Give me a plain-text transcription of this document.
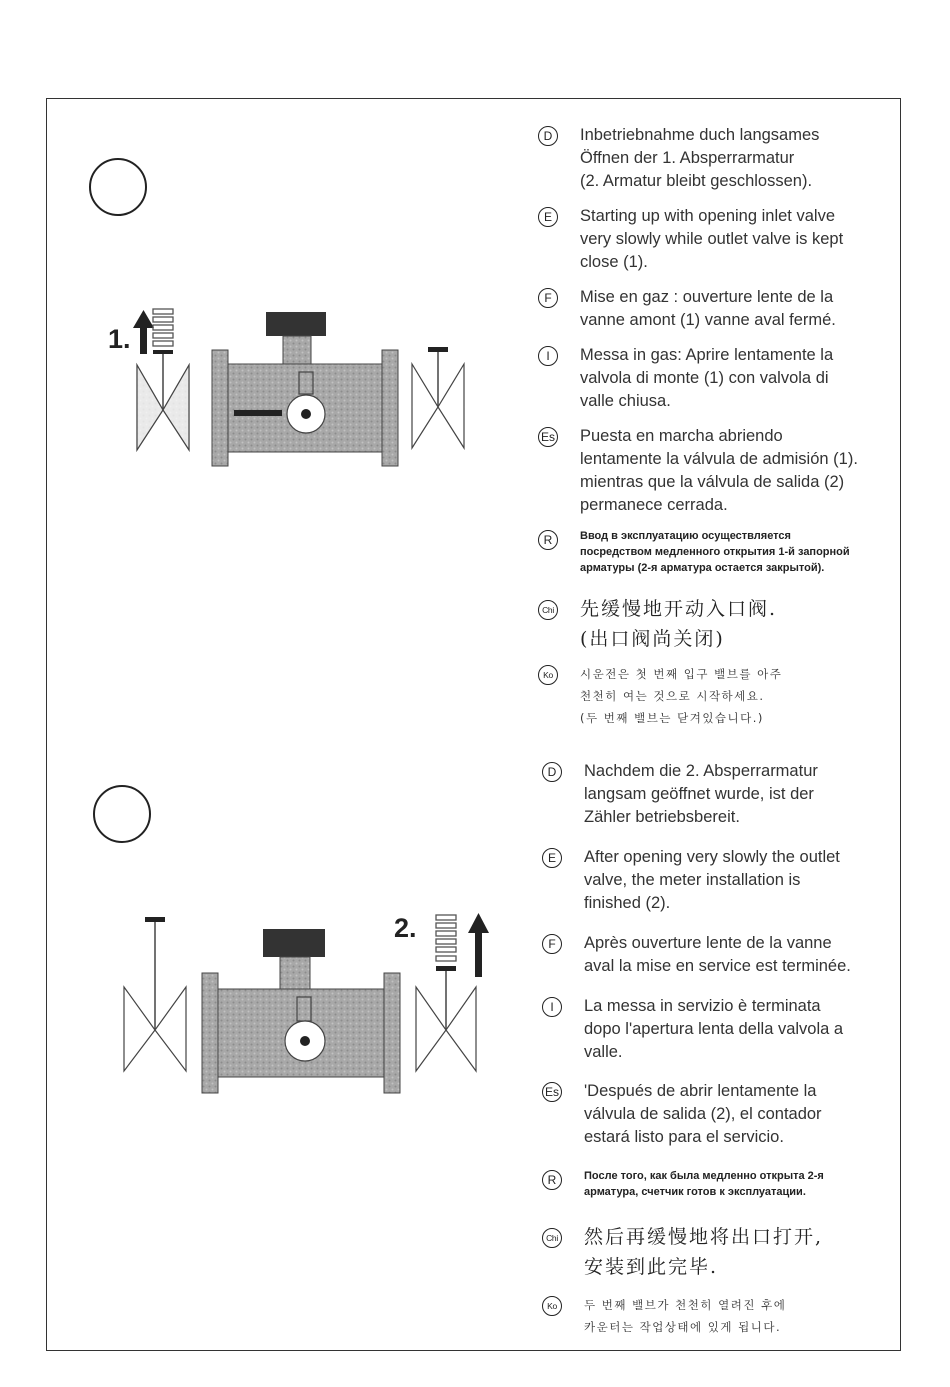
1.
D	Inbetriebnahme duch langsames
Öffnen der 1. Absperrarmatur
(2. Armatur bleibt geschlossen).
E	Starting up with opening inlet valve
very slowly while outlet valve is kept
close (1).
F	Mise en gaz : ouverture lente de la
vanne amont (1) vanne aval fermé.
I	Messa in gas: Aprire lentamente la
valvola di monte (1) con valvola di
valle chiusa.
Es Puesta en marcha abriendo
lentamente la válvula de admisión (1).
mientras que la válvula de salida (2)
permanece cerrada.
R	Ввод в эксплуатацию осуществляется
посредством медленного открытия 1-й запорной
арматуры (2-я арматура остается закрытой).
Chi 先缓慢地开动入口阀.
(出口阀尚关闭)
Ko	시운전은 첫 번째 입구 밸브를 아주
천천히 여는 것으로 시작하세요.
(두 번째 밸브는 닫겨있습니다.)
2.
D	Nachdem die 2. Absperrarmatur
langsam geöffnet wurde, ist der
Zähler betriebsbereit.
E	After opening very slowly the outlet
valve, the meter installation is
finished (2).
F	Après ouverture lente de la vanne
aval la mise en service est terminée.
I	La messa in servizio è terminata
dopo l'apertura lenta della valvola a
valle.
Es 'Después de abrir lentamente la
válvula de salida (2), el contador
estará listo para el servicio.
R	После того, как была медленно открыта 2-я
арматура, счетчик готов к эксплуатации.
Chi 然后再缓慢地将出口打开,
安装到此完毕.
Ko	두 번째 밸브가 천천히 열려진 후에
카운터는 작업상태에 있게 됩니다.
